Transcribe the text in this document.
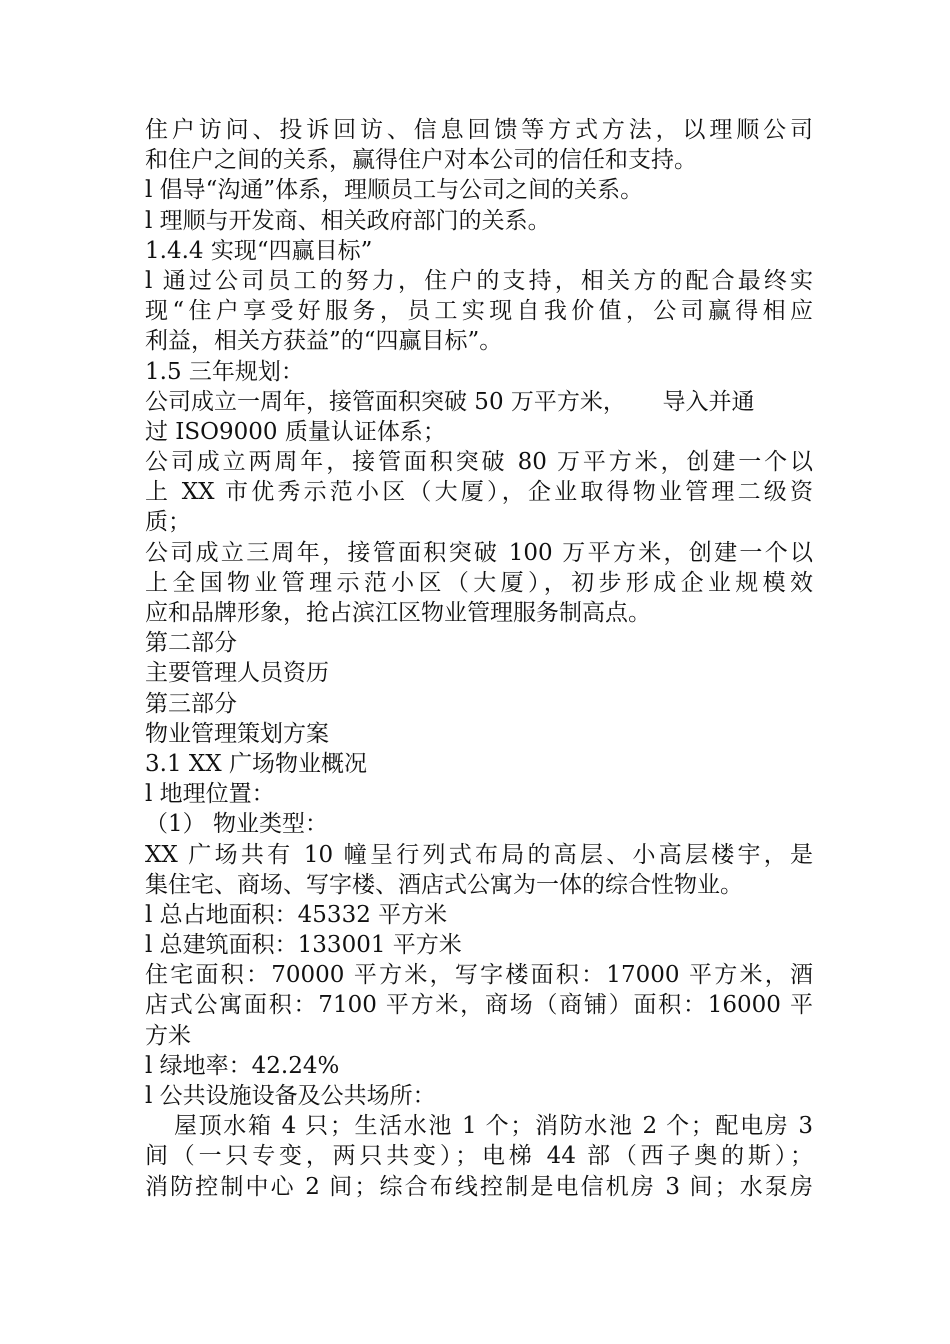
住户访问、投诉回访、信息回馈等方式方法，以理顺公司
和住户之间的关系，赢得住户对本公司的信任和支持。
l 倡导“沟通”体系，理顺员工与公司之间的关系。
l 理顺与开发商、相关政府部门的关系。
1.4.4 实现“四赢目标”
l 通过公司员工的努力，住户的支持，相关方的配合最终实
现“住户享受好服务，员工实现自我价值，公司赢得相应
利益，相关方获益”的“四赢目标”。
1.5 三年规划：
公司成立一周年，接管面积突破 50 万平方米，     导入并通
过 ISO9000 质量认证体系；
公司成立两周年，接管面积突破 80 万平方米，创建一个以
上 XX 市优秀示范小区（大厦），企业取得物业管理二级资
质；
公司成立三周年，接管面积突破 100 万平方米，创建一个以
上全国物业管理示范小区（大厦），初步形成企业规模效
应和品牌形象，抢占滨江区物业管理服务制高点。
第二部分
主要管理人员资历
第三部分
物业管理策划方案
3.1 XX 广场物业概况
l 地理位置：
（1） 物业类型：
XX 广场共有 10 幢呈行列式布局的高层、小高层楼宇，是
集住宅、商场、写字楼、酒店式公寓为一体的综合性物业。
l 总占地面积：45332 平方米
l 总建筑面积：133001 平方米
住宅面积：70000 平方米，写字楼面积：17000 平方米，酒
店式公寓面积：7100 平方米，商场（商铺）面积：16000 平
方米
l 绿地率：42.24%
l 公共设施设备及公共场所：
屋顶水箱 4 只；生活水池 1 个；消防水池 2 个；配电房 3
间（一只专变，两只共变）；电梯 44 部（西子奥的斯）；
消防控制中心 2 间；综合布线控制是电信机房 3 间；水泵房
